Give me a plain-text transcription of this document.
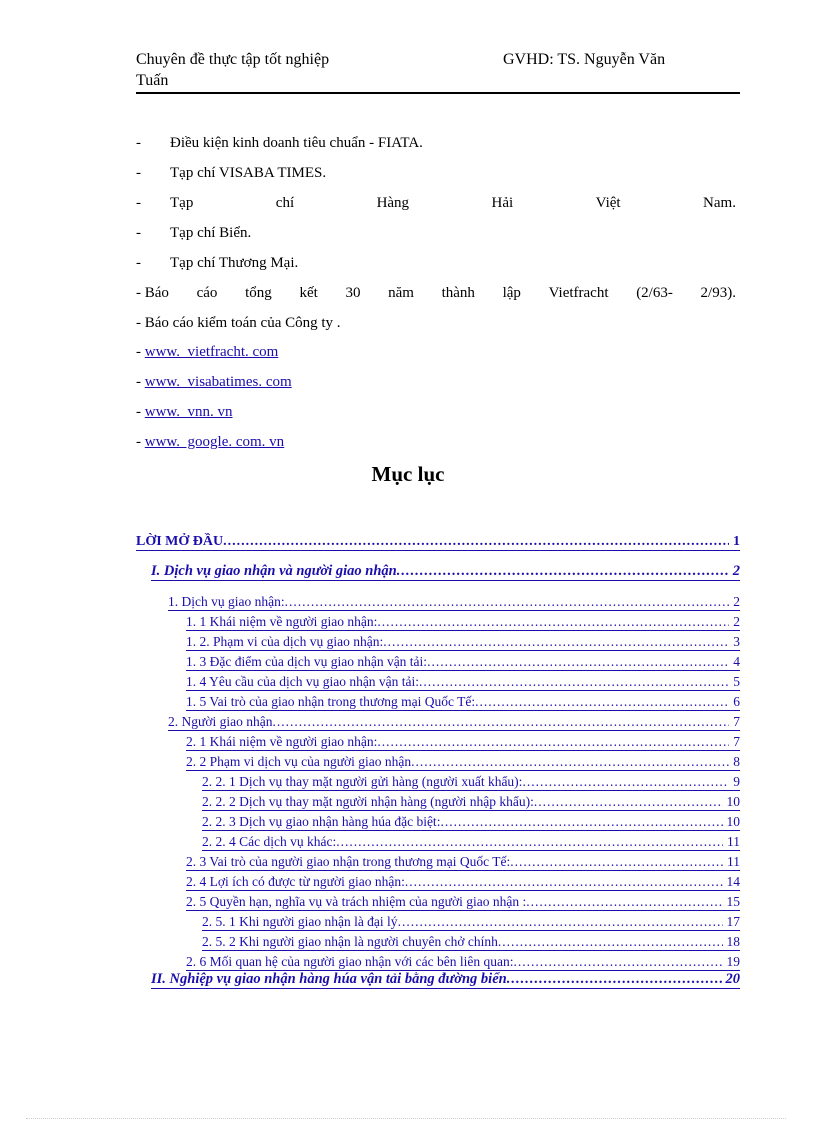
Chuyên đề thực tập tốt nghiệp	GVHD: TS. Nguyễn Văn
Tuấn
- Điều kiện kinh doanh tiêu chuẩn - FIATA.
- Tạp chí VISABA TIMES.
-	Tạp	chí	Hàng	Hải	Việt	Nam.
- Tạp chí Biển.
- Tạp chí Thương Mại.
- Báo cáo tổng kết 30 năm thành lập Vietfracht (2/63- 2/93).
- Báo cáo kiểm toán của Công ty .
- www.  vietfracht. com
- www.  visabatimes. com
- www.  vnn. vn
- www.  google. com. vn
Mục lục
LỜI MỞ ĐẦU .....	1
I. Dịch vụ giao nhận và người giao nhận .....	2
1. Dịch vụ giao nhận: .....	2
1. 1 Khái niệm về người giao nhận: .....	2
1. 2. Phạm vi của dịch vụ giao nhận: .....	3
1. 3 Đặc điểm của dịch vụ giao nhận vận tải: .....	4
1. 4 Yêu cầu của dịch vụ giao nhận vận tải: .....	5
1. 5 Vai trò của giao nhận trong thương mại Quốc Tế: .....	6
2. Người giao nhận .....	7
2. 1 Khái niệm về người giao nhận: .....	7
2. 2 Phạm vi dịch vụ của người giao nhận .....	8
2. 2. 1 Dịch vụ thay mặt người gửi hàng (người xuất khẩu): .....	9
2. 2. 2 Dịch vụ thay mặt người nhận hàng (người nhập khẩu): .....	10
2. 2. 3 Dịch vụ giao nhận hàng húa đặc biệt: .....	10
2. 2. 4 Các dịch vụ khác: .....	11
2. 3 Vai trò của người giao nhận trong thương mại Quốc Tế: .....	11
2. 4 Lợi ích có được từ người giao nhận: .....	14
2. 5 Quyền hạn, nghĩa vụ và trách nhiệm của người giao nhận : .....	15
2. 5. 1 Khi người giao nhận là đại lý .....	17
2. 5. 2 Khi người giao nhận là người chuyên chở chính .....	18
2. 6 Mối quan hệ của người giao nhận với các bên liên quan: .....	19
II. Nghiệp vụ giao nhận hàng húa vận tải bằng đường biển .....	20
